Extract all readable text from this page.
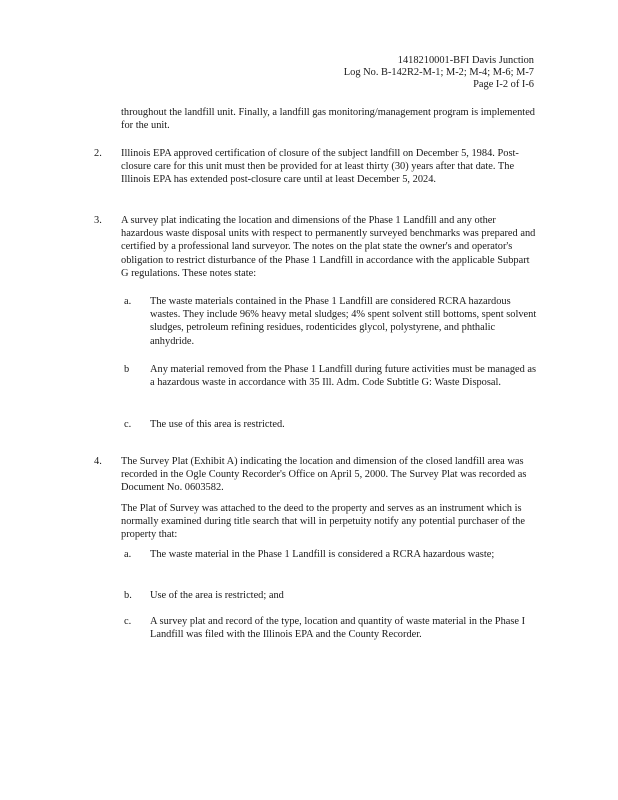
1418210001-BFI Davis Junction
Log No. B-142R2-M-1; M-2; M-4; M-6; M-7
Page I-2 of I-6

throughout the landfill unit. Finally, a landfill gas monitoring/management program is implemented for the unit.

2. Illinois EPA approved certification of closure of the subject landfill on December 5, 1984. Post-closure care for this unit must then be provided for at least thirty (30) years after that date. The Illinois EPA has extended post-closure care until at least December 5, 2024.

3. A survey plat indicating the location and dimensions of the Phase 1 Landfill and any other hazardous waste disposal units with respect to permanently surveyed benchmarks was prepared and certified by a professional land surveyor. The notes on the plat state the owner's and operator's obligation to restrict disturbance of the Phase 1 Landfill in accordance with the applicable Subpart G regulations. These notes state:

a. The waste materials contained in the Phase 1 Landfill are considered RCRA hazardous wastes. They include 96% heavy metal sludges; 4% spent solvent still bottoms, spent solvent sludges, petroleum refining residues, rodenticides glycol, polystyrene, and phthalic anhydride.

b Any material removed from the Phase 1 Landfill during future activities must be managed as a hazardous waste in accordance with 35 Ill. Adm. Code Subtitle G: Waste Disposal.

c. The use of this area is restricted.

4. The Survey Plat (Exhibit A) indicating the location and dimension of the closed landfill area was recorded in the Ogle County Recorder's Office on April 5, 2000. The Survey Plat was recorded as Document No. 0603582.

The Plat of Survey was attached to the deed to the property and serves as an instrument which is normally examined during title search that will in perpetuity notify any potential purchaser of the property that:

a. The waste material in the Phase 1 Landfill is considered a RCRA hazardous waste;

b. Use of the area is restricted; and

c. A survey plat and record of the type, location and quantity of waste material in the Phase I Landfill was filed with the Illinois EPA and the County Recorder.
